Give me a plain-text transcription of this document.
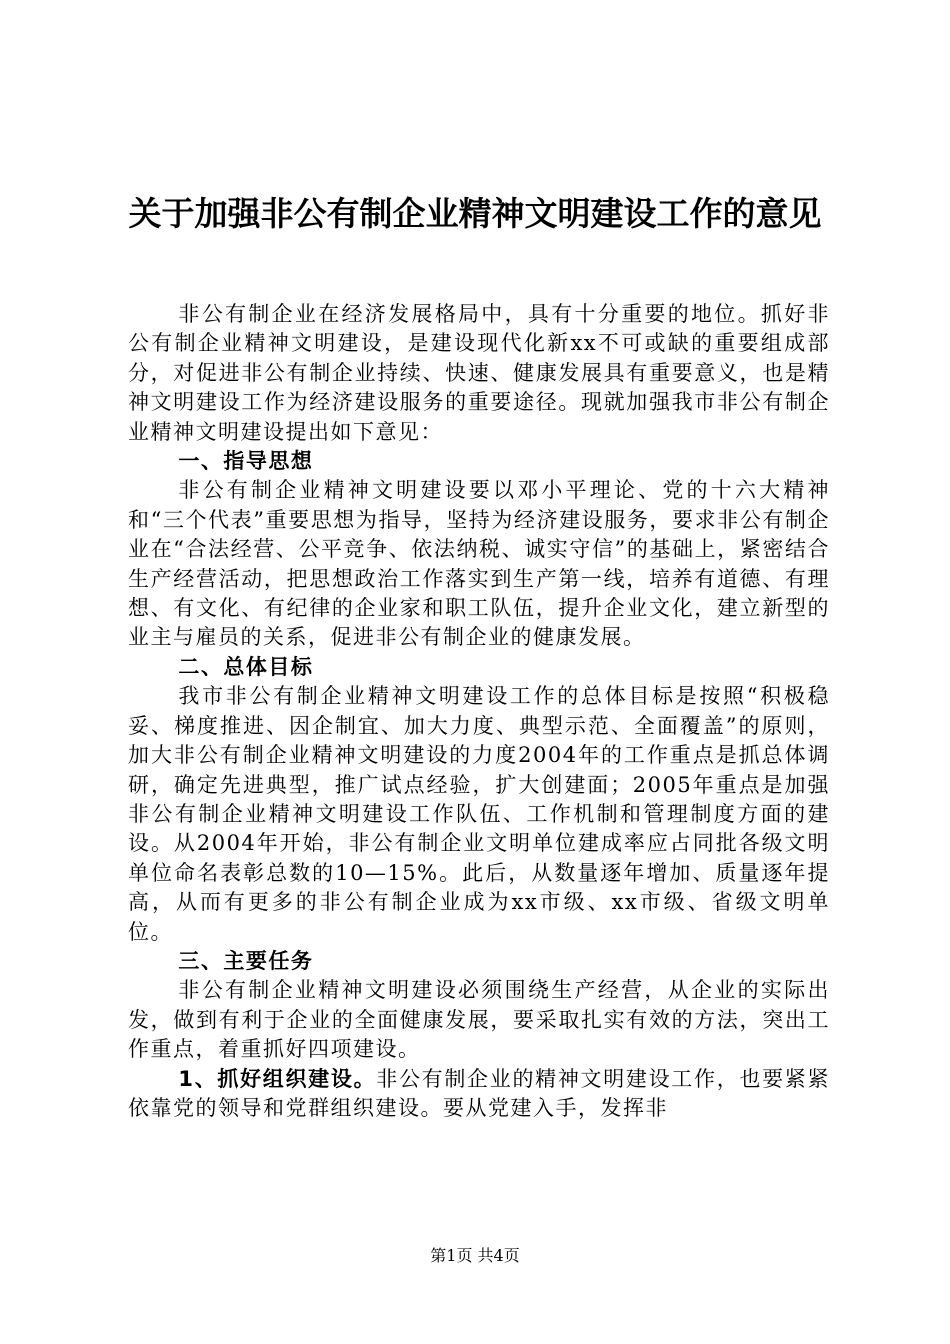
关于加强非公有制企业精神文明建设工作的意见

非公有制企业在经济发展格局中，具有十分重要的地位。抓好非公有制企业精神文明建设，是建设现代化新xx不可或缺的重要组成部分，对促进非公有制企业持续、快速、健康发展具有重要意义，也是精神文明建设工作为经济建设服务的重要途径。现就加强我市非公有制企业精神文明建设提出如下意见：

一、指导思想

非公有制企业精神文明建设要以邓小平理论、党的十六大精神和“三个代表”重要思想为指导，坚持为经济建设服务，要求非公有制企业在“合法经营、公平竞争、依法纳税、诚实守信”的基础上，紧密结合生产经营活动，把思想政治工作落实到生产第一线，培养有道德、有理想、有文化、有纪律的企业家和职工队伍，提升企业文化，建立新型的业主与雇员的关系，促进非公有制企业的健康发展。

二、总体目标

我市非公有制企业精神文明建设工作的总体目标是按照“积极稳妥、梯度推进、因企制宜、加大力度、典型示范、全面覆盖”的原则，加大非公有制企业精神文明建设的力度2004年的工作重点是抓总体调研，确定先进典型，推广试点经验，扩大创建面；2005年重点是加强非公有制企业精神文明建设工作队伍、工作机制和管理制度方面的建设。从2004年开始，非公有制企业文明单位建成率应占同批各级文明单位命名表彰总数的10—15%。此后，从数量逐年增加、质量逐年提高，从而有更多的非公有制企业成为xx市级、xx市级、省级文明单位。

三、主要任务

非公有制企业精神文明建设必须围绕生产经营，从企业的实际出发，做到有利于企业的全面健康发展，要采取扎实有效的方法，突出工作重点，着重抓好四项建设。

1、抓好组织建设。非公有制企业的精神文明建设工作，也要紧紧依靠党的领导和党群组织建设。要从党建入手，发挥非

第1页 共4页
